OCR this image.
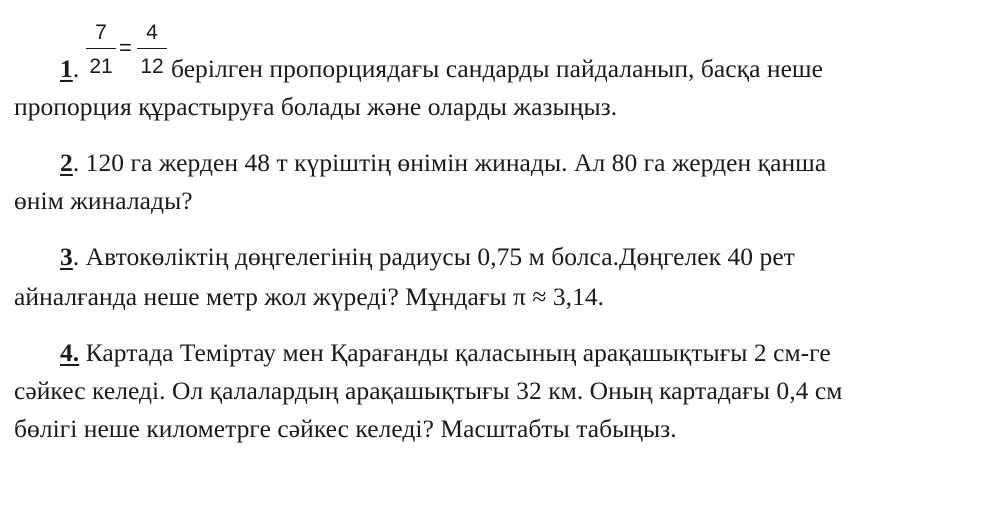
7
21
=
4
12
1.	берілген пропорциядағы сандарды пайдаланып, басқа неше
пропорция құрастыруға болады және оларды жазыңыз.
2. 120 га жерден 48 т күріштің өнімін жинады. Ал 80 га жерден қанша
өнім жиналады?
3. Автокөліктің дөңгелегінің радиусы 0,75 м болса.Дөңгелек 40 рет
айналғанда неше метр жол жүреді? Мұндағы π ≈ 3,14.
4. Картада Теміртау мен Қарағанды қаласының арақашықтығы 2 см-ге
сәйкес келеді. Ол қалалардың арақашықтығы 32 км. Оның картадағы 0,4 см
бөлігі неше километрге сәйкес келеді? Масштабты табыңыз.
